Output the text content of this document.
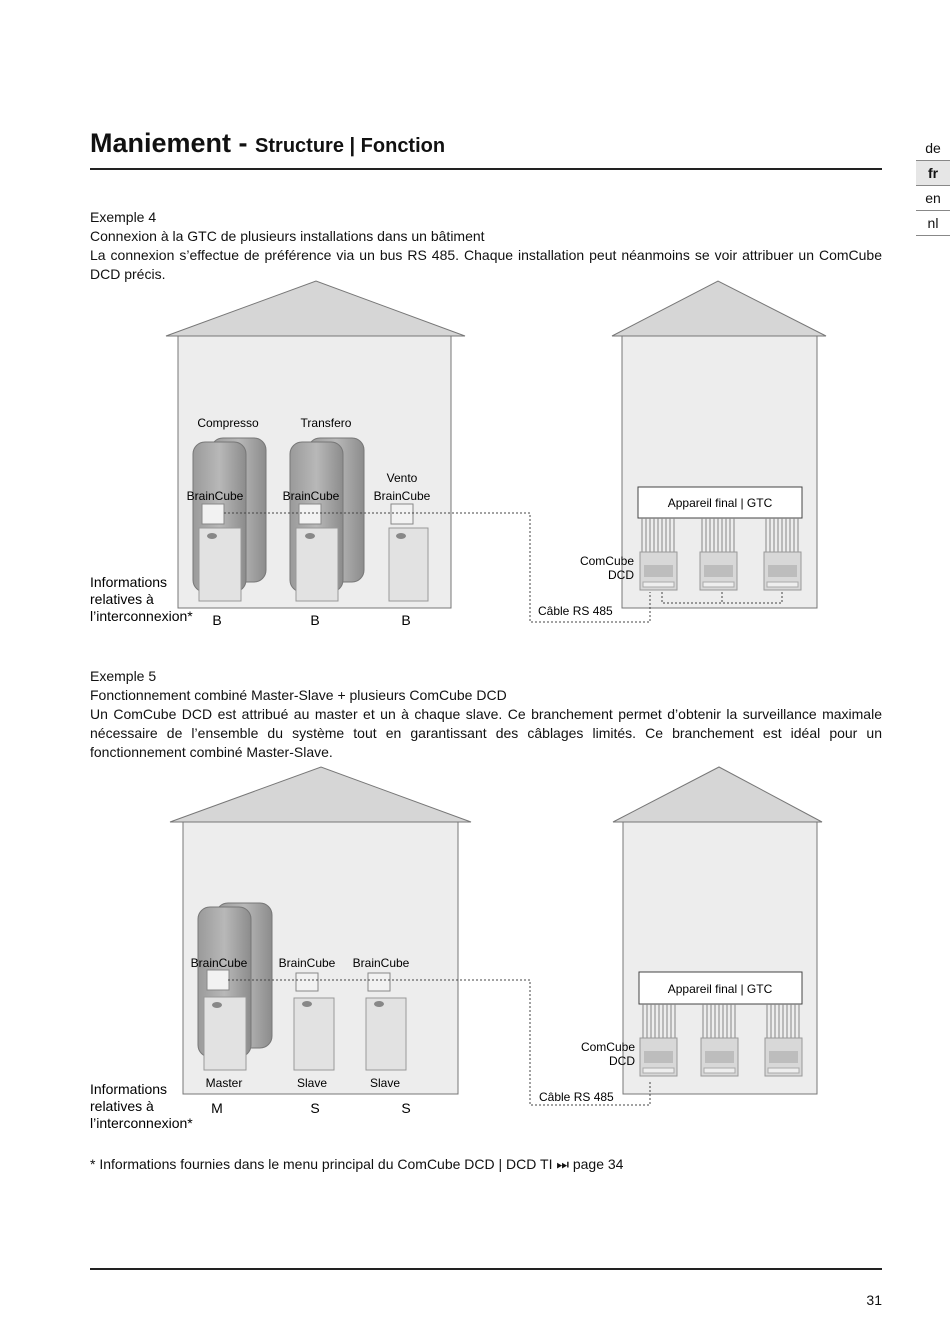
Maniement - Structure | Fonction	de
fr
en
nl

Exemple 4

Connexion à la GTC de plusieurs installations dans un bâtiment

La connexion s’effectue de préférence via un bus RS 485. Chaque installation peut néanmoins se voir attribuer un ComCube DCD précis.

Compresso	Transfero
Vento
BrainCube	BrainCube	BrainCube	Appareil final | GTC
ComCube
DCD
Câble RS 485
Informations
relatives à
l’interconnexion* B	B	B

Exemple 5

Fonctionnement combiné Master-Slave + plusieurs ComCube DCD

Un ComCube DCD est attribué au master et un à chaque slave. Ce branchement permet d’obtenir la surveillance maximale nécessaire de l’ensemble du système tout en garantissant des câblages limités. Ce branchement est idéal pour un fonctionnement combiné Master-Slave.

BrainCube	BrainCube BrainCube
Master	Slave	Slave
Appareil final | GTC
ComCube
DCD
Câble RS 485
Informations
relatives à
l’interconnexion*
M	S	S
* Informations fournies dans le menu principal du ComCube DCD | DCD TI ⏭ page 34
31
